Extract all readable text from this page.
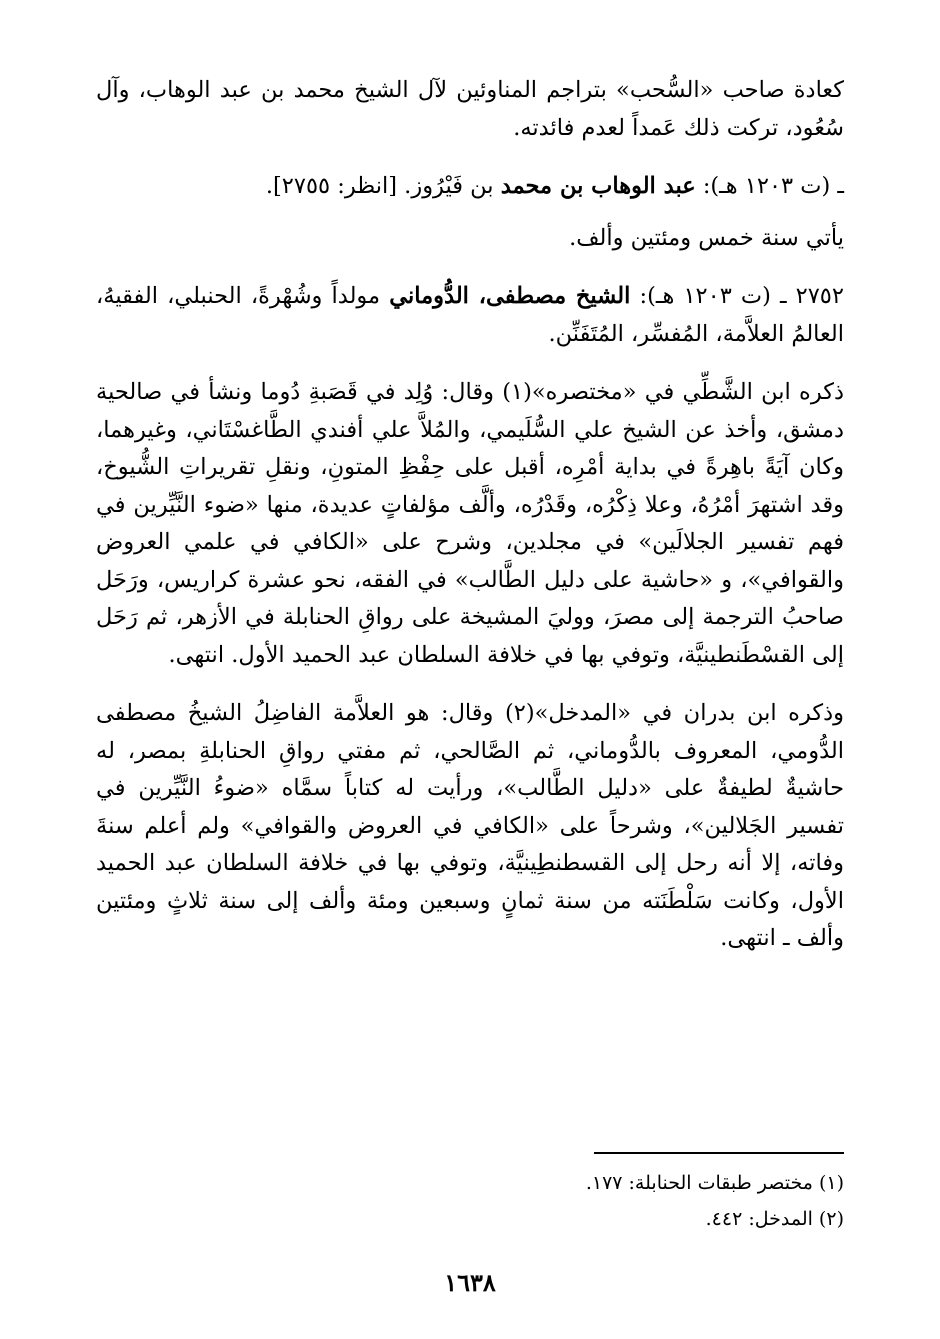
كعادة صاحب «السُّحب» بتراجم المناوئين لآل الشيخ محمد بن عبد الوهاب، وآل سُعُود، تركت ذلك عَمداً لعدم فائدته.

ـ (ت ١٢٠٣ هـ): عبد الوهاب بن محمد بن فَيْرُوز. [انظر: ٢٧٥٥].

يأتي سنة خمس ومئتين وألف.

٢٧٥٢ ـ (ت ١٢٠٣ هـ): الشيخ مصطفى، الدُّوماني مولداً وشُهْرةً، الحنبلي، الفقيهُ، العالمُ العلاَّمة، المُفسِّر، المُتَفَنِّن.

ذكره ابن الشَّطِّي في «مختصره»(١) وقال: وُلِد في قَصَبةِ دُوما ونشأ في صالحية دمشق، وأخذ عن الشيخ علي السُّلَيمي، والمُلاَّ علي أفندي الطَّاغسْتَاني، وغيرهما، وكان آيَةً باهِرةً في بداية أمْرِه، أقبل على حِفْظِ المتونِ، ونقلِ تقريراتِ الشُّيوخ، وقد اشتهرَ أمْرُهُ، وعلا ذِكْرُه، وقَدْرُه، وألَّف مؤلفاتٍ عديدة، منها «ضوء النَّيِّرين في فهم تفسير الجلالَين» في مجلدين، وشرح على «الكافي في علمي العروض والقوافي»، و «حاشية على دليل الطَّالب» في الفقه، نحو عشرة كراريس، ورَحَل صاحبُ الترجمة إلى مصرَ، ووليَ المشيخة على رواقِ الحنابلة في الأزهر، ثم رَحَل إلى القسْطَنطينيَّة، وتوفي بها في خلافة السلطان عبد الحميد الأول. انتهى.

وذكره ابن بدران في «المدخل»(٢) وقال: هو العلاَّمة الفاضِلُ الشيخُ مصطفى الدُّومي، المعروف بالدُّوماني، ثم الصَّالحي، ثم مفتي رواقِ الحنابلةِ بمصر، له حاشيةٌ لطيفةٌ على «دليل الطَّالب»، ورأيت له كتاباً سمَّاه «ضوءُ النَّيِّرين في تفسير الجَلالين»، وشرحاً على «الكافي في العروض والقوافي» ولم أعلم سنةَ وفاته، إلا أنه رحل إلى القسطنطِينيَّة، وتوفي بها في خلافة السلطان عبد الحميد الأول، وكانت سَلْطَنَته من سنة ثمانٍ وسبعين ومئة وألف إلى سنة ثلاثٍ ومئتين وألف ـ انتهى.

(١) مختصر طبقات الحنابلة: ١٧٧.

(٢) المدخل: ٤٤٢.

١٦٣٨
